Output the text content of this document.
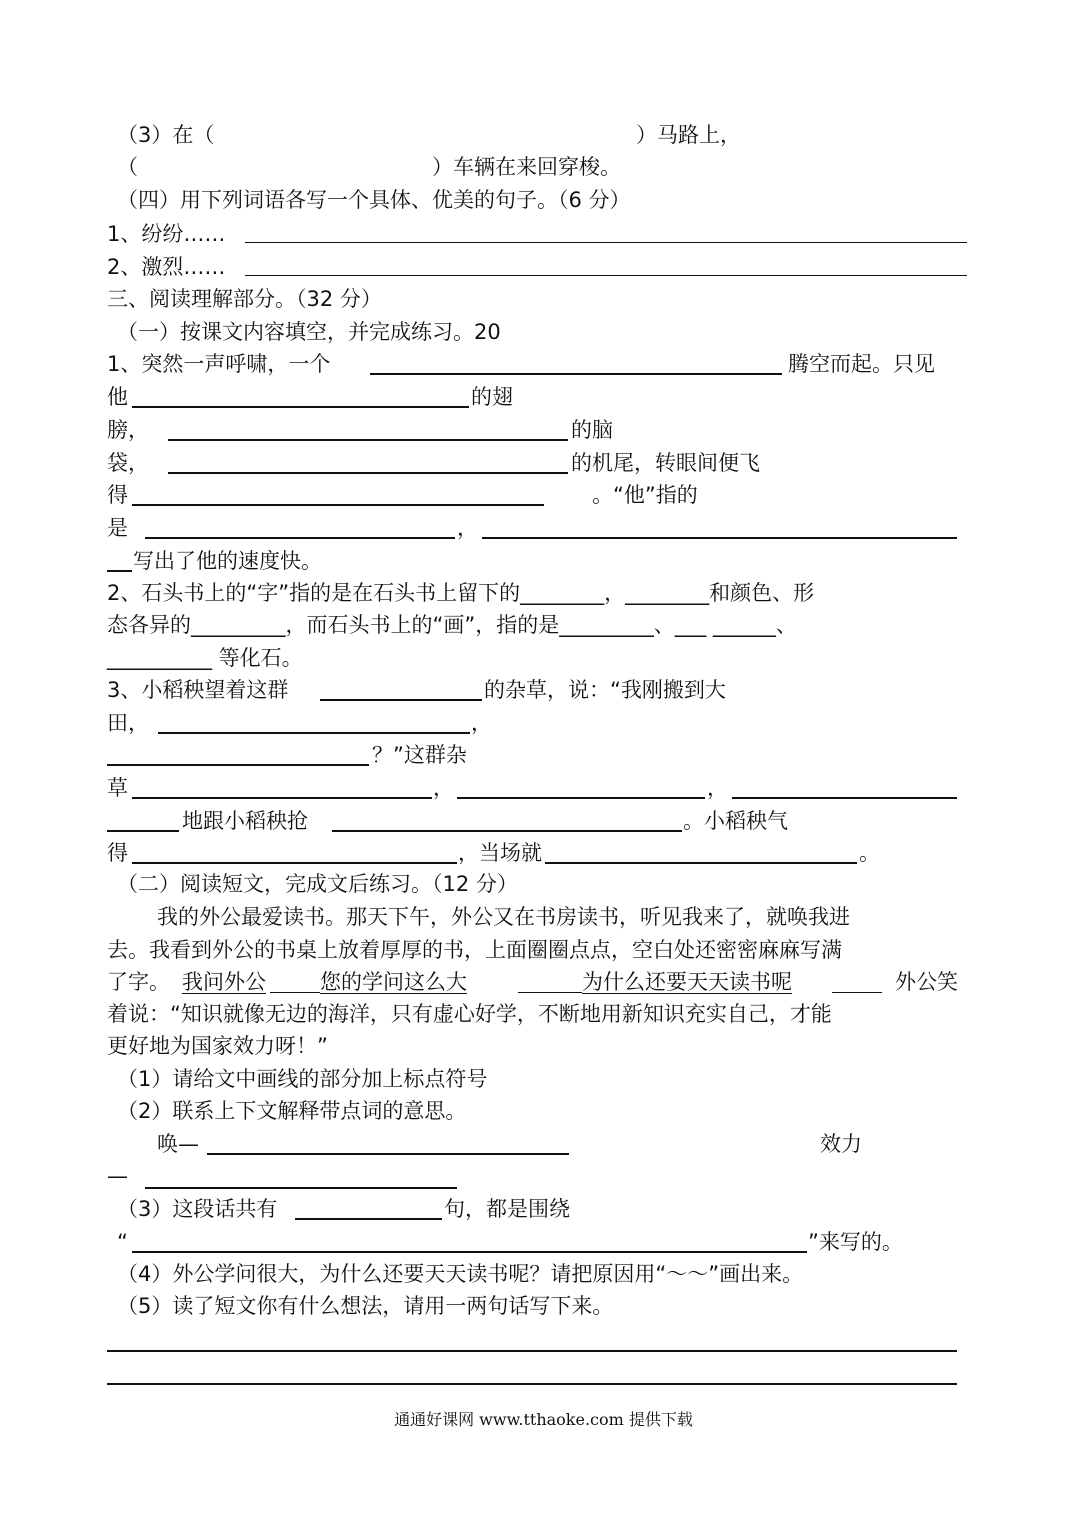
（3）在（	）马路上，
（	）车辆在来回穿梭。
（四）用下列词语各写一个具体、优美的句子。（6 分）
1、纷纷……
2、激烈……
三、阅读理解部分。（32 分）
（一）按课文内容填空，并完成练习。20
1、突然一声呼啸，一个	腾空而起。只见
他	的翅
膀，	的脑
袋，	的机尾，转眼间便飞
得	。“他”指的
是	，
写出了他的速度快。
2、石头书上的“字”指的是在石头书上留下的________，________和颜色、形
态各异的_________，而石头书上的“画”，指的是_________、___ ______、
__________ 等化石。
3、小稻秧望着这群	的杂草，说：“我刚搬到大
田，	，
？”这群杂
草	，	，
地跟小稻秧抢	。小稻秧气
得	，当场就	。
（二）阅读短文，完成文后练习。（12 分）
我的外公最爱读书。那天下午，外公又在书房读书，听见我来了，就唤我进
去。我看到外公的书桌上放着厚厚的书，上面圈圈点点，空白处还密密麻麻写满
了字。 我问外公	您的学问这么大	为什么还要天天读书呢	外公笑
着说：“知识就像无边的海洋，只有虚心好学，不断地用新知识充实自己，才能
更好地为国家效力呀！”
（1）请给文中画线的部分加上标点符号
（2）联系上下文解释带点词的意思。
唤—	效力
—
（3）这段话共有	句，都是围绕
“	”来写的。
（4）外公学问很大，为什么还要天天读书呢？请把原因用“～～”画出来。
（5）读了短文你有什么想法，请用一两句话写下来。
通通好课网 www.tthaoke.com 提供下载
